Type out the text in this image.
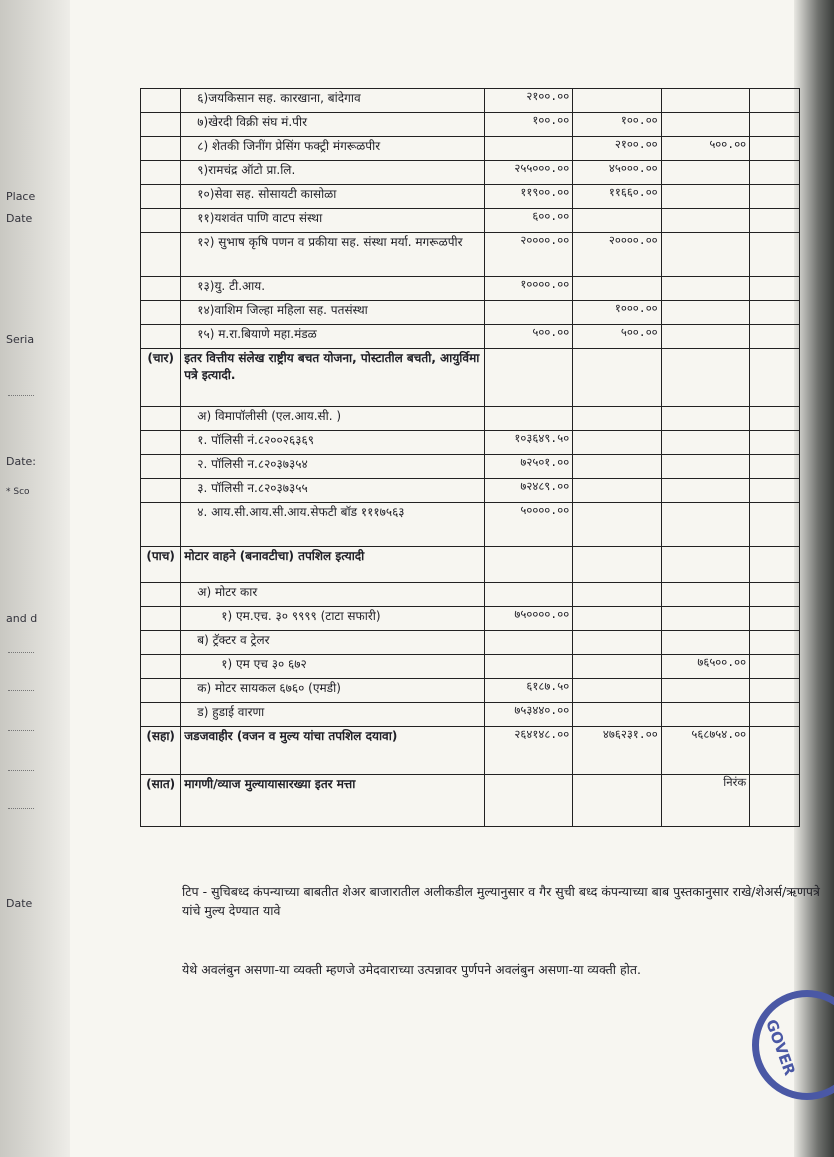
Place
Date
Seria
Date:
* Sco
and d
Date
	६)जयकिसान सह. कारखाना, बांदेगाव	२१००.००			
	७)खेरदी विक्री संघ मं.पीर	१००.००	१००.००		
	८) शेतकी जिनींग प्रेसिंग फक्ट्री मंगरूळपीर		२१००.००	५००.००	
	९)रामचंद्र ऑटो प्रा.लि.	२५५०००.००	४५०००.००		
	१०)सेवा सह. सोसायटी कासोळा	११९००.००	११६६०.००		
	११)यशवंत पाणि वाटप संस्था	६००.००			
	१२) सुभाष कृषि पणन व प्रकीया सह. संस्था मर्या. मगरूळपीर	२००००.००	२००००.००		
	१३)यु. टी.आय.	१००००.००			
	१४)वाशिम जिल्हा महिला सह. पतसंस्था		१०००.००		
	१५) म.रा.बियाणे महा.मंडळ	५००.००	५००.००		
(चार)	इतर वित्तीय संलेख राष्ट्रीय बचत योजना, पोस्टातील बचती, आयुर्विमा पत्रे इत्यादी.				
	अ) विमापॉलीसी (एल.आय.सी. )				
	१. पॉलिसी नं.८२००२६३६९	१०३६४९.५०			
	२. पॉलिसी न.८२०३७३५४	७२५०१.००			
	३. पॉलिसी न.८२०३७३५५	७२४८९.००			
	४. आय.सी.आय.सी.आय.सेफटी बॉड १११७५६३	५००००.००			
(पाच)	मोटार वाहने (बनावटीचा) तपशिल इत्यादी				
	अ) मोटर कार				
	१) एम.एच. ३० ९९९९ (टाटा सफारी)	७५००००.००			
	ब) ट्रॅक्टर व ट्रेलर				
	१) एम एच ३० ६७२			७६५००.००	
	क) मोटर सायकल ६७६० (एमडी)	६१८७.५०			
	ड) हुडाई वारणा	७५३४४०.००			
(सहा)	जडजवाहीर (वजन व मुल्य यांचा तपशिल दयावा)	२६४१४८.००	४७६२३१.००	५६८७५४.००	
(सात)	मागणी/व्याज मुल्यायासारख्या इतर मत्ता			निरंक	
टिप - सुचिबध्द कंपन्याच्या बाबतीत शेअर बाजारातील अलीकडील मुल्यानुसार व गैर सुची बध्द कंपन्याच्या बाब पुस्तकानुसार राखे/शेअर्स/ऋणपत्रे यांचे मुल्य देण्यात यावे
येथे अवलंबुन असणा-या व्यक्ती म्हणजे उमेदवाराच्या उत्पन्नावर पुर्णपने अवलंबुन असणा-या व्यक्ती होत.
GOVER
